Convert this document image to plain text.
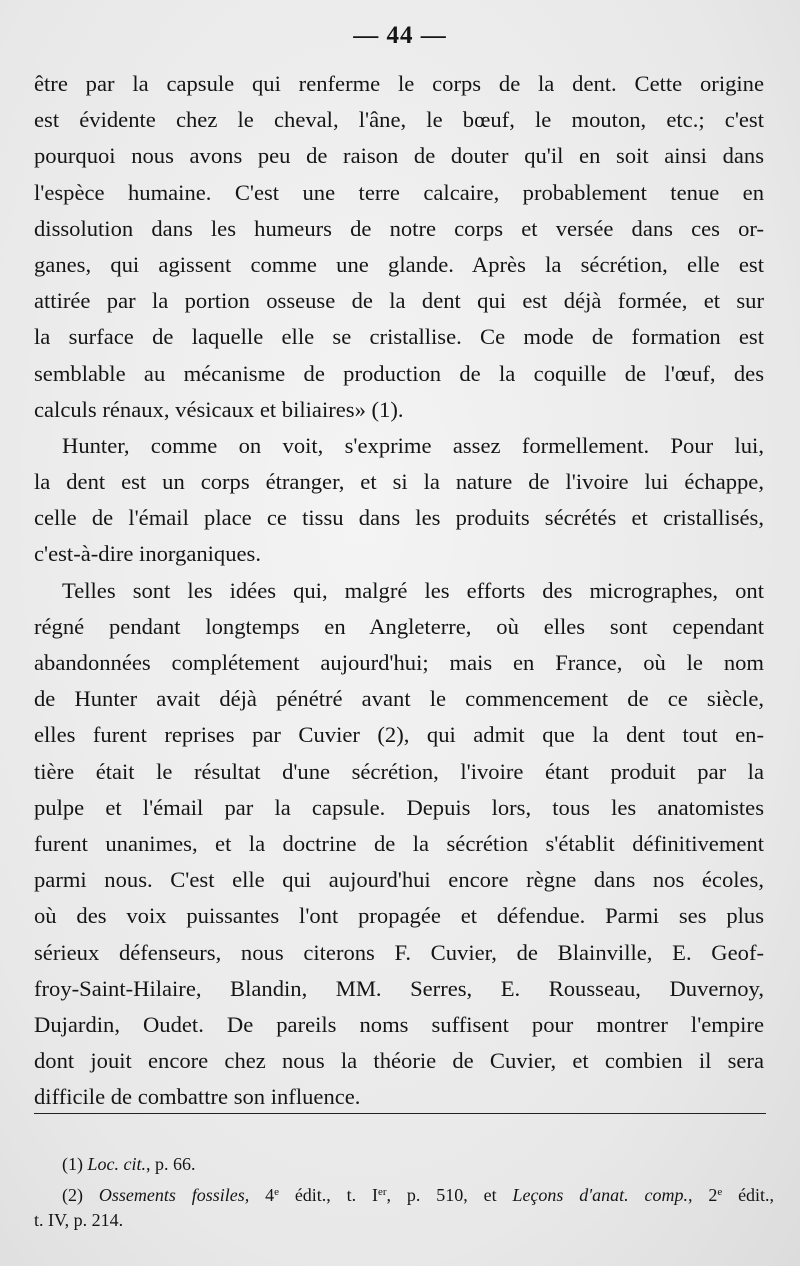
— 44 —
être par la capsule qui renferme le corps de la dent. Cette origine
est évidente chez le cheval, l'âne, le bœuf, le mouton, etc.; c'est
pourquoi nous avons peu de raison de douter qu'il en soit ainsi dans
l'espèce humaine. C'est une terre calcaire, probablement tenue en
dissolution dans les humeurs de notre corps et versée dans ces or-
ganes, qui agissent comme une glande. Après la sécrétion, elle est
attirée par la portion osseuse de la dent qui est déjà formée, et sur
la surface de laquelle elle se cristallise. Ce mode de formation est
semblable au mécanisme de production de la coquille de l'œuf, des
calculs rénaux, vésicaux et biliaires» (1).
Hunter, comme on voit, s'exprime assez formellement. Pour lui,
la dent est un corps étranger, et si la nature de l'ivoire lui échappe,
celle de l'émail place ce tissu dans les produits sécrétés et cristallisés,
c'est-à-dire inorganiques.
Telles sont les idées qui, malgré les efforts des micrographes, ont
régné pendant longtemps en Angleterre, où elles sont cependant
abandonnées complétement aujourd'hui; mais en France, où le nom
de Hunter avait déjà pénétré avant le commencement de ce siècle,
elles furent reprises par Cuvier (2), qui admit que la dent tout en-
tière était le résultat d'une sécrétion, l'ivoire étant produit par la
pulpe et l'émail par la capsule. Depuis lors, tous les anatomistes
furent unanimes, et la doctrine de la sécrétion s'établit définitivement
parmi nous. C'est elle qui aujourd'hui encore règne dans nos écoles,
où des voix puissantes l'ont propagée et défendue. Parmi ses plus
sérieux défenseurs, nous citerons F. Cuvier, de Blainville, E. Geof-
froy-Saint-Hilaire, Blandin, MM. Serres, E. Rousseau, Duvernoy,
Dujardin, Oudet. De pareils noms suffisent pour montrer l'empire
dont jouit encore chez nous la théorie de Cuvier, et combien il sera
difficile de combattre son influence.
(1) Loc. cit., p. 66.
(2) Ossements fossiles, 4e édit., t. Ier, p. 510, et Leçons d'anat. comp., 2e édit.,
t. IV, p. 214.
